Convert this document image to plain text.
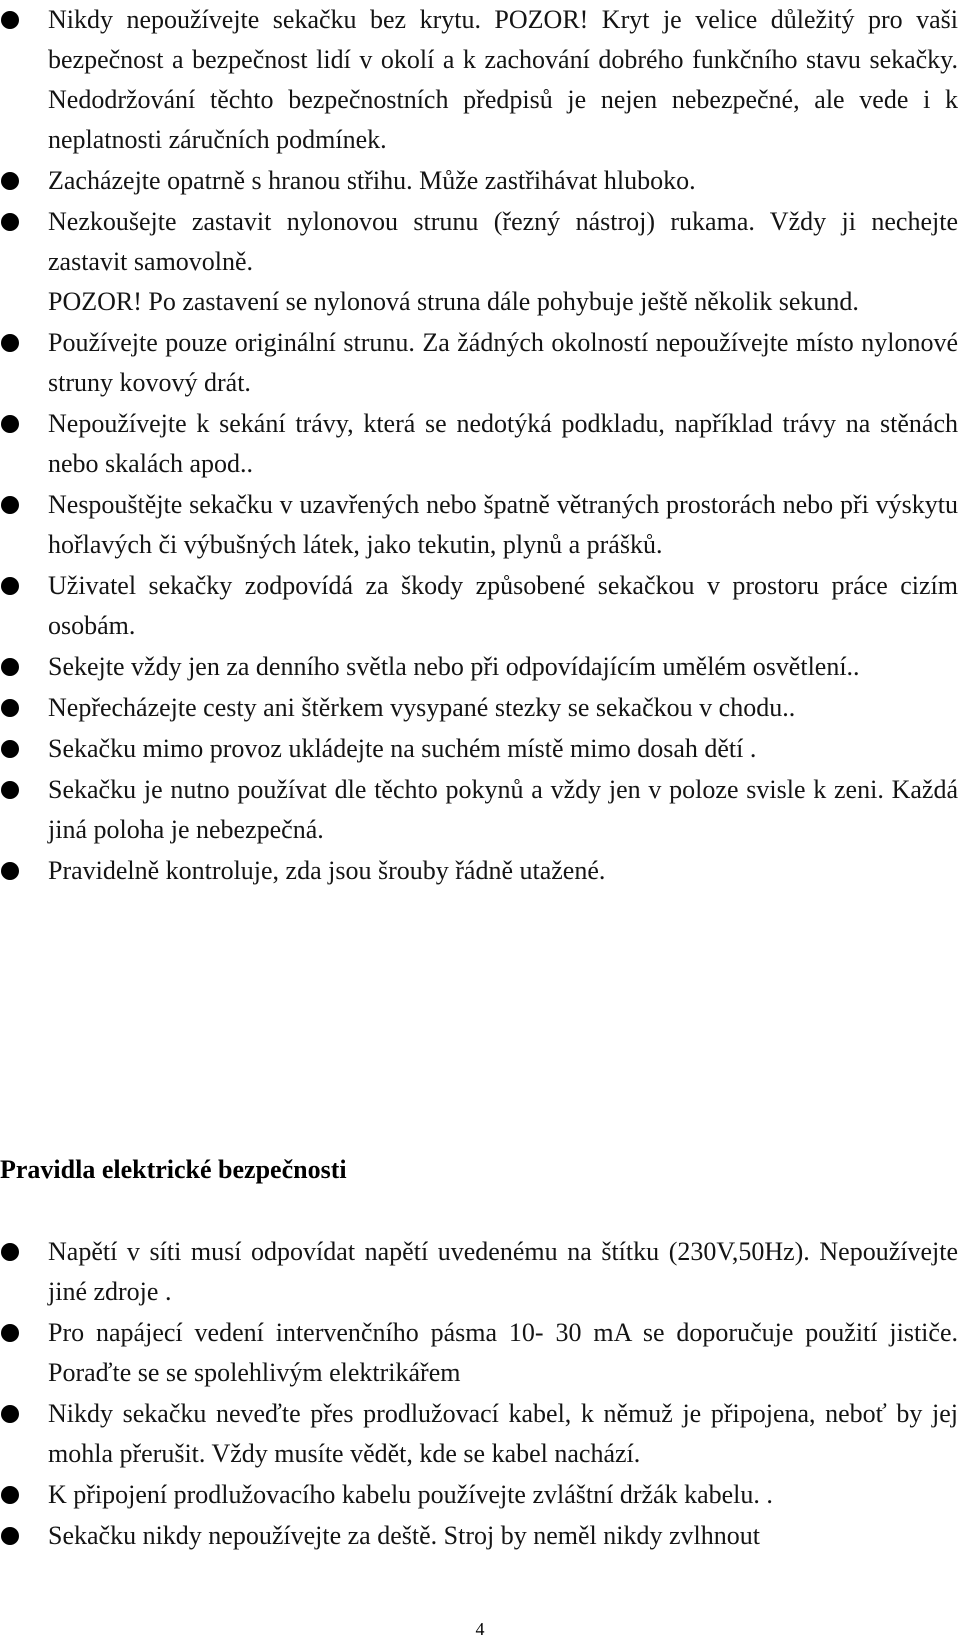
Nikdy nepoužívejte sekačku bez krytu. POZOR! Kryt je velice důležitý pro vaši bezpečnost a bezpečnost lidí v okolí a k zachování dobrého funkčního stavu sekačky. Nedodržování těchto bezpečnostních předpisů je nejen nebezpečné, ale vede i k neplatnosti záručních podmínek.
Zacházejte opatrně s hranou střihu. Může zastřihávat hluboko.
Nezkoušejte zastavit nylonovou strunu (řezný nástroj) rukama. Vždy ji nechejte zastavit samovolně.
POZOR! Po zastavení se nylonová struna dále pohybuje ještě několik sekund.
Používejte pouze originální strunu. Za žádných okolností nepoužívejte místo nylonové struny kovový drát.
Nepoužívejte k sekání trávy, která se nedotýká podkladu, například trávy na stěnách nebo skalách apod..
Nespouštějte sekačku v uzavřených nebo špatně větraných prostorách nebo při výskytu hořlavých či výbušných látek, jako tekutin, plynů a prášků.
Uživatel sekačky zodpovídá za škody způsobené sekačkou v prostoru práce cizím osobám.
Sekejte vždy jen za denního světla nebo při odpovídajícím umělém osvětlení..
Nepřecházejte cesty ani štěrkem vysypané stezky se sekačkou v chodu..
Sekačku mimo provoz ukládejte na suchém místě mimo dosah dětí .
Sekačku je nutno používat dle těchto pokynů a vždy jen v poloze svisle k zeni. Každá jiná poloha je nebezpečná.
Pravidelně kontroluje, zda jsou šrouby řádně utažené.
Pravidla elektrické bezpečnosti
Napětí v síti musí odpovídat napětí uvedenému na štítku (230V,50Hz). Nepoužívejte jiné zdroje .
Pro napájecí vedení intervenčního pásma 10- 30 mA se doporučuje použití jističe. Poraďte se se spolehlivým elektrikářem
Nikdy sekačku neveďte přes prodlužovací kabel, k němuž je připojena, neboť by jej mohla přerušit. Vždy musíte vědět, kde se kabel nachází.
K připojení prodlužovacího kabelu používejte zvláštní držák kabelu. .
Sekačku nikdy nepoužívejte za deště. Stroj by neměl nikdy zvlhnout
4
